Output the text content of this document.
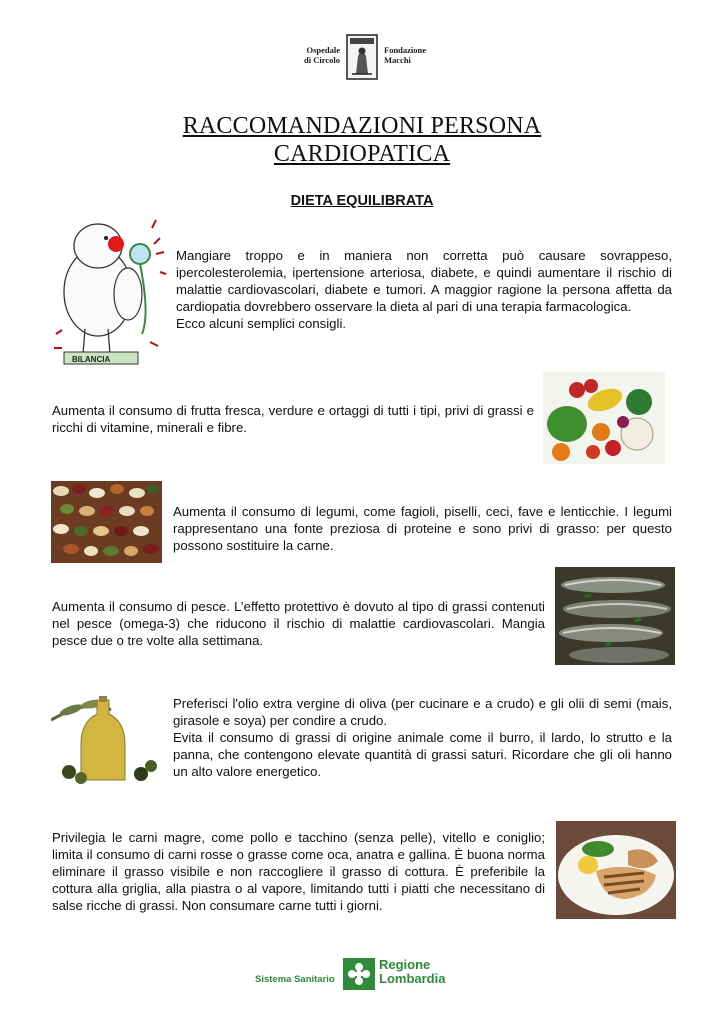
Ospedale
di Circolo
Fondazione
Macchi
RACCOMANDAZIONI PERSONA
CARDIOPATICA
DIETA EQUILIBRATA
BILANCIA

Mangiare troppo e in maniera non corretta può causare sovrappeso, ipercolesterolemia, ipertensione arteriosa, diabete, e quindi aumentare il rischio di malattie cardiovascolari, diabete e tumori. A maggior ragione la persona affetta da cardiopatia dovrebbero osservare la dieta al pari di una terapia farmacologica.

Ecco alcuni semplici consigli.

Aumenta il consumo di frutta fresca, verdure e ortaggi di tutti i tipi, privi di grassi e ricchi di vitamine, minerali e fibre.
Aumenta il consumo di legumi, come fagioli, piselli, ceci, fave e lenticchie. I legumi rappresentano una fonte preziosa di proteine e sono privi di grasso: per questo possono sostituire la carne.
Aumenta il consumo di pesce. L’effetto protettivo è dovuto al tipo di grassi contenuti nel pesce (omega-3) che riducono il rischio di malattie cardiovascolari. Mangia pesce due o tre volte alla settimana.

Preferisci l'olio extra vergine di oliva (per cucinare e a crudo) e gli olii di semi (mais, girasole e soya) per condire a crudo.

Evita il consumo di grassi di origine animale come il burro, il lardo, lo strutto e la panna, che contengono elevate quantità di grassi saturi. Ricordare che gli oli hanno un alto valore energetico.

Privilegia le carni magre, come pollo e tacchino (senza pelle), vitello e coniglio; limita il consumo di carni rosse o grasse come oca, anatra e gallina. È buona norma eliminare il grasso visibile e non raccogliere il grasso di cottura. È preferibile la cottura alla griglia, alla piastra o al vapore, limitando tutti i piatti che necessitano di salse ricche di grassi. Non consumare carne tutti i giorni.
Sistema Sanitario
Regione
Lombardia
